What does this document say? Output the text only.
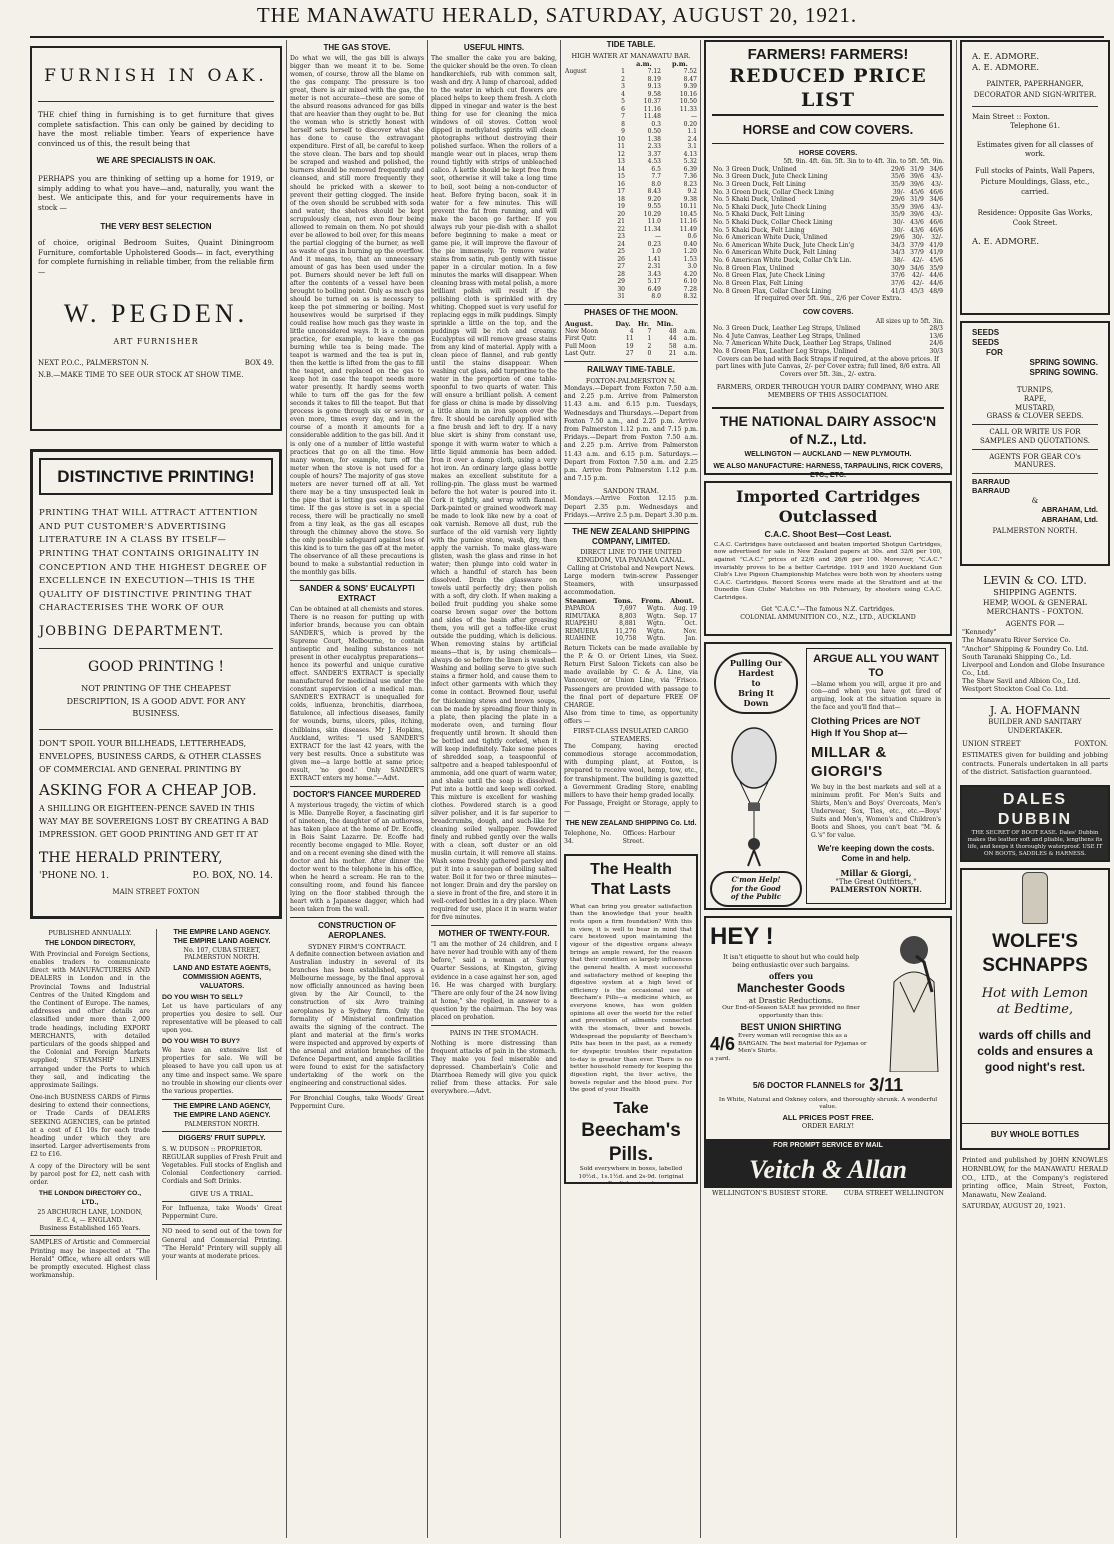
THE MANAWATU HERALD, SATURDAY, AUGUST 20, 1921.
FURNISH IN OAK.
THE chief thing in furnishing is to get furniture that gives complete satisfaction. This can only be gained by deciding to have the most reliable timber. Years of experience have convinced us of this, the result being that
WE ARE SPECIALISTS IN OAK.
PERHAPS you are thinking of setting up a home for 1919, or simply adding to what you have—and, naturally, you want the best. We anticipate this, and for your requirements have in stock —
THE VERY BEST SELECTION
of choice, original Bedroom Suites, Quaint Diningroom Furniture, comfortable Upholstered Goods— in fact, everything for complete furnishing in reliable timber, from the reliable firm —
W. PEGDEN.
ART FURNISHER
NEXT P.O.C., PALMERSTON N.	BOX 49.
N.B.—MAKE TIME TO SEE OUR STOCK AT SHOW TIME.
DISTINCTIVE PRINTING!
PRINTING THAT WILL ATTRACT ATTENTION AND PUT CUSTOMER'S ADVERTISING LITERATURE IN A CLASS BY ITSELF—PRINTING THAT CONTAINS ORIGINALITY IN CONCEPTION AND THE HIGHEST DEGREE OF EXCELLENCE IN EXECUTION—THIS IS THE QUALITY OF DISTINCTIVE PRINTING THAT CHARACTERISES THE WORK OF OUR
JOBBING DEPARTMENT.
GOOD PRINTING !
NOT PRINTING OF THE CHEAPEST DESCRIPTION, IS A GOOD ADVT. FOR ANY BUSINESS.
DON'T SPOIL YOUR BILLHEADS, LETTERHEADS, ENVELOPES, BUSINESS CARDS, & OTHER CLASSES OF COMMERCIAL AND GENERAL PRINTING BY
ASKING FOR A CHEAP JOB.
A SHILLING OR EIGHTEEN-PENCE SAVED IN THIS WAY MAY BE SOVEREIGNS LOST BY CREATING A BAD IMPRESSION. GET GOOD PRINTING AND GET IT AT
THE HERALD PRINTERY,
'PHONE NO. 1.	P.O. BOX, NO. 14.
MAIN STREET FOXTON
PUBLISHED ANNUALLY.
THE LONDON DIRECTORY,
With Provincial and Foreign Sections, enables traders to communicate direct with MANUFACTURERS AND DEALERS in London and in the Provincial Towns and Industrial Centres of the United Kingdom and the Continent of Europe. The names, addresses and other details are classified under more than 2,000 trade headings, including EXPORT MERCHANTS, with detailed particulars of the goods shipped and the Colonial and Foreign Markets supplied; STEAMSHIP LINES arranged under the Ports to which they sail, and indicating the approximate Sailings.
One-inch BUSINESS CARDS of Firms desiring to extend their connections, or Trade Cards of DEALERS SEEKING AGENCIES, can be printed at a cost of £1 10s for each trade heading under which they are inserted. Larger advertisements from £2 to £16.
A copy of the Directory will be sent by parcel post for £2, nett cash with order.
THE LONDON DIRECTORY CO., LTD.,
25 ABCHURCH LANE, LONDON, E.C. 4, — ENGLAND.
Business Established 165 Years.
SAMPLES of Artistic and Commercial Printing may be inspected at "The Herald" Office, where all orders will be promptly executed. Highest class workmanship.
THE EMPIRE LAND AGENCY.
THE EMPIRE LAND AGENCY.
No. 107, CUBA STREET, PALMERSTON NORTH.
LAND AND ESTATE AGENTS, COMMISSION AGENTS, VALUATORS.
DO YOU WISH TO SELL?
Let us have particulars of any properties you desire to sell. Our representative will be pleased to call upon you.
DO YOU WISH TO BUY?
We have an extensive list of properties for sale. We will be pleased to have you call upon us at any time and inspect same. We spare no trouble in showing our clients over the various properties.
THE EMPIRE LAND AGENCY,
THE EMPIRE LAND AGENCY.
PALMERSTON NORTH.
DIGGERS' FRUIT SUPPLY.
S. W. DUDSON :: PROPRIETOR.
REGULAR supplies of Fresh Fruit and Vegetables. Full stocks of English and Colonial Confectionery carried. Cordials and Soft Drinks.
GIVE US A TRIAL.
For Influenza, take Woods' Great Peppermint Cure.
NO need to send out of the town for General and Commercial Printing. "The Herald" Printery will supply all your wants at moderate prices.
THE GAS STOVE.
Do what we will, the gas bill is always bigger than we meant it to be. Some women, of course, throw all the blame on the gas company. The pressure is too great, there is air mixed with the gas, the meter is not accurate—these are some of the absurd reasons advanced for gas bills that are heavier than they ought to be. But the woman who is strictly honest with herself sets herself to discover what she has done to cause the extravagant expenditure. First of all, be careful to keep the stove clean. The bars and top should be scraped and washed and polished, the burners should be removed frequently and cleansed, and still more frequently they should be pricked with a skewer to prevent their getting clogged. The inside of the oven should be scrubbed with soda and water, the shelves should be kept scrupulously clean, not even flour being allowed to remain on them. No pot should ever be allowed to boil over, for this means the partial clogging of the burner, as well as waste of gas in burning up the overflow. And it means, too, that an unnecessary amount of gas has been used under the pot. Burners should never be left full on after the contents of a vessel have been brought to boiling point. Only as much gas should be turned on as is necessary to keep the pot simmering or boiling. Most housewives would be surprised if they could realise how much gas they waste in little unconsidered ways. It is a common practice, for example, to leave the gas burning while tea is being made. The teapot is warmed and the tea is put in, then the kettle is lifted from the gas to fill the teapot, and replaced on the gas to keep hot in case the teapot needs more water presently. It hardly seems worth while to turn off the gas for the few seconds it takes to fill the teapot. But that process is gone through six or seven, or even more, times every day, and in the course of a month it amounts for a considerable addition to the gas bill. And it is only one of a number of little wasteful practices that go on all the time. How many women, for example, turn off the meter when the stove is not used for a couple of hours? The majority of gas stove meters are never turned off at all. Yet there may be a tiny unsuspected leak in the pipe that is letting gas escape all the time. If the gas stove is set in a special recess, there will be practically no smell from a tiny leak, as the gas all escapes through the chimney above the stove. So the only possible safeguard against loss of this kind is to turn the gas off at the meter. The observance of all these precautions is bound to make a substantial reduction in the monthly gas bills.
SANDER & SONS' EUCALYPTI EXTRACT
Can be obtained at all chemists and stores. There is no reason for putting up with inferior brands, because you can obtain SANDER'S, which is proved by the Supreme Court, Melbourne, to contain antiseptic and healing substances not present in other eucalyptus preparations—hence its powerful and unique curative effect. SANDER'S EXTRACT is specially manufactured for medicinal use under the constant supervision of a medical man. SANDER'S EXTRACT is unequalled for colds, influenza, bronchitis, diarrhoea, flatulence, all infectious diseases, family for wounds, burns, ulcers, piles, itching, chilblains, skin diseases. Mr J. Hopkins, Auckland, writes: "I used SANDER'S EXTRACT for the last 42 years, with the very best results. Once a substitute was given me—a large bottle at same price; result, 'no good.' Only SANDER'S EXTRACT enters my home."—Advt.
DOCTOR'S FIANCEE MURDERED
A mysterious tragedy, the victim of which is Mlle. Danyelle Royer, a fascinating girl of nineteen, the daughter of an authoress, has taken place at the home of Dr. Ecoffe, in Bois Saint Lazarre. Dr. Ecoffe had recently become engaged to Mlle. Royer, and on a recent evening she dined with the doctor and his mother. After dinner the doctor went to the telephone in his office, when he heard a scream. He ran to the consulting room, and found his fiancee lying on the floor stabbed through the heart with a Japanese dagger, which had been taken from the wall.
CONSTRUCTION OF AEROPLANES.
SYDNEY FIRM'S CONTRACT.
A definite connection between aviation and Australian industry in several of its branches has been established, says a Melbourne message, by the final approval now officially announced as having been given by the Air Council, to the construction of six Avro training aeroplanes by a Sydney firm. Only the formality of Ministerial confirmation awaits the signing of the contract. The plant and material at the firm's works were inspected and approved by experts of the arsenal and aviation branches of the Defence Department, and ample facilities were found to exist for the satisfactory undertaking of the work on the engineering and constructional sides.
For Bronchial Coughs, take Woods' Great Peppermint Cure.
USEFUL HINTS.
The smaller the cake you are baking, the quicker should be the oven. To clean handkerchiefs, rub with common salt, wash and dry. A lump of charcoal, added to the water in which cut flowers are placed helps to keep them fresh. A cloth dipped in vinegar and water is the best thing for use for cleaning the mica windows of oil stoves. Cotton wool dipped in methylated spirits will clean photographs without destroying their polished surface. When the rollers of a mangle wear out in places, wrap them round tightly with strips of unbleached calico. A kettle should be kept free from soot, otherwise it will take a long time to boil, soot being a non-conductor of heat. Before frying bacon, soak it in water for a few minutes. This will prevent the fat from running, and will make the bacon go farther. If you always rub your pie-dish with a shallot before beginning to make a meat or game pie, it will improve the flavour of the pie immensely. To remove water stains from satin, rub gently with tissue paper in a circular motion. In a few minutes the marks will disappear. When cleaning brass with metal polish, a more brilliant polish will result if the polishing cloth is sprinkled with dry whiting. Chopped suet is very useful for replacing eggs in milk puddings. Simply sprinkle a little on the top, and the puddings will be rich and creamy. Eucalyptus oil will remove grease stains from any kind of material. Apply with a clean piece of flannel, and rub gently until the stains disappear. When washing cut glass, add turpentine to the water in the proportion of one table-spoonful to two quarts of water. This will ensure a brilliant polish. A cement for glass or china is made by dissolving a little alum in an iron spoon over the fire. It should be carefully applied with a fine brush and left to dry. If a navy blue skirt is shiny from constant use, sponge it with warm water to which a little liquid ammonia has been added. Iron it over a damp cloth, using a very hot iron. An ordinary large glass bottle makes an excellent substitute for a rolling-pin. The glass must be warmed before the hot water is poured into it. Cork it tightly, and wrap with flannel. Dark-painted or grained woodwork may be made to look like new by a coat of oak varnish. Remove all dust, rub the surface of the old varnish very lightly with the pumice stone, wash, dry, then apply the varnish. To make glass-ware glisten, wash the glass and rinse in hot water; then plunge into cold water in which a handful of starch has been dissolved. Drain the glassware on towels until perfectly dry; then polish with a soft, dry cloth. If when making a boiled fruit pudding you shake some coarse brown sugar over the bottom and sides of the basin after greasing them, you will get a toffee-like crust outside the pudding, which is delicious. When removing stains by artificial means—that is, by using chemicals—always do so before the linen is washed. Washing and boiling serve to give such stains a firmer hold, and cause them to infect other garments with which they come in contact. Browned flour, useful for thickening stews and brown soups, can be made by spreading flour thinly in a plate, then placing the plate in a moderate oven, and turning flour frequently until brown. It should then be bottled and tightly corked, when it will keep indefinitely. Take some pieces of shredded soap, a teaspoonful of saltpetre and a heaped tablespoonful of ammonia, add one quart of warm water, and shake until the soap is dissolved. Put into a bottle and keep well corked. This mixture is excellent for washing clothes. Powdered starch is a good silver polisher, and it is far superior to breadcrumbs, dough, and such-like for cleaning soiled wallpaper. Powdered finely and rubbed gently over the walls with a clean, soft duster or an old muslin curtain, it will remove all stains. Wash some freshly gathered parsley and put it into a saucepan of boiling salted water. Boil it for two or three minutes—not longer. Drain and dry the parsley on a sieve in front of the fire, and store it in well-corked bottles in a dry place. When required for use, place it in warm water for five minutes.
MOTHER OF TWENTY-FOUR.
"I am the mother of 24 children, and I have never had trouble with any of them before," said a woman at Surrey Quarter Sessions, at Kingston, giving evidence in a case against her son, aged 16. He was charged with burglary. "There are only four of the 24 now living at home," she replied, in answer to a question by the chairman. The boy was placed on probation.
PAINS IN THE STOMACH.
Nothing is more distressing than frequent attacks of pain in the stomach. They make you feel miserable and depressed. Chamberlain's Colic and Diarrhoea Remedy will give you quick relief from these attacks. For sale everywhere.—Advt.
TIDE TABLE.
HIGH WATER AT MANAWATU BAR.
		a.m.	p.m.
August	1	7.12	7.52
	2	8.19	8.47
	3	9.13	9.39
	4	9.58	10.16
	5	10.37	10.50
	6	11.16	11.33
	7	11.48	—
	8	0.3	0.20
	9	0.50	1.1
	10	1.38	2.4
	11	2.33	3.1
	12	3.37	4.13
	13	4.53	5.32
	14	6.5	6.39
	15	7.7	7.36
	16	8.0	8.23
	17	8.43	9.2
	18	9.20	9.38
	19	9.55	10.11
	20	10.29	10.45
	21	11.0	11.16
	22	11.34	11.49
	23	—	0.6
	24	0.23	0.40
	25	1.0	1.20
	26	1.41	1.53
	27	2.31	3.0
	28	3.43	4.20
	29	5.17	6.10
	30	6.49	7.28
	31	8.0	8.32
PHASES OF THE MOON.
August.	Day.	Hr.	Min.	
New Moon	4	7	48	a.m.
First Qutr.	11	1	44	a.m.
Full Moon	19	2	58	a.m.
Last Qutr.	27	0	21	a.m.
RAILWAY TIME-TABLE.
FOXTON-PALMERSTON N.
Mondays.—Depart from Foxton 7.50 a.m. and 2.25 p.m. Arrive from Palmerston 11.43 a.m. and 6.15 p.m. Tuesdays, Wednesdays and Thursdays.—Depart from Foxton 7.50 a.m., and 2.25 p.m. Arrive from Palmerston 1.12 p.m. and 7.15 p.m. Fridays.—Depart from Foxton 7.50 a.m. and 2.25 p.m. Arrive from Palmerston 11.43 a.m. and 6.15 p.m. Saturdays.—Depart from Foxton 7.50 a.m. and 2.25 p.m. Arrive from Palmerston 1.12 p.m. and 7.15 p.m.
SANDON TRAM.
Mondays.—Arrive Foxton 12.15 p.m. Depart 2.35 p.m. Wednesdays and Fridays.—Arrive 2.5 p.m. Depart 3.30 p.m.
THE NEW ZEALAND SHIPPING COMPANY, LIMITED.
DIRECT LINE TO THE UNITED KINGDOM, VIA PANAMA CANAL.
Calling at Cristobal and Newport News.
Large modern twin-screw Passenger Steamers, with unsurpassed accommodation.
Steamer.	Tons.	From.	About.
PAPAROA	7,697	Wgtn.	Aug. 19
RIMUTAKA	8,803	Wgtn.	Sep. 17
RUAPEHU	8,881	Wgtn.	Oct.
REMUERA	11,276	Wgtn.	Nov.
RUAHINE	10,758	Wgtn.	Jan.
Return Tickets can be made available by the P. & O. or Orient Lines, via Suez. Return First Saloon Tickets can also be made available by C. & A. Line, via Vancouver, or Union Line, via 'Frisco. Passengers are provided with passage to the final port of departure FREE OF CHARGE.
Also from time to time, as opportunity offers —
FIRST-CLASS INSULATED CARGO STEAMERS.
The Company, having erected commodious storage accommodation, with dumping plant, at Foxton, is prepared to receive wool, hemp, tow, etc., for transhipment. The building is gazetted a Government Grading Store, enabling millers to have their hemp graded locally.
For Passage, Freight or Storage, apply to —
THE NEW ZEALAND SHIPPING Co. Ltd.
Telephone, No. 34.
Offices: Harbour Street.
The Health
That Lasts
What can bring you greater satisfaction than the knowledge that your health rests upon a firm foundation? With this in view, it is well to bear in mind that care bestowed upon maintaining the vigour of the digestive organs always brings an ample reward, for the reason that their condition so largely influences the general health. A most successful and satisfactory method of keeping the digestive system at a high level of efficiency is the occasional use of Beecham's Pills—a medicine which, as everyone knows, has won golden opinions all over the world for the relief and prevention of ailments connected with the stomach, liver and bowels. Widespread the popularity of Beecham's Pills has been in the past, as a remedy for dyspeptic troubles their reputation to-day is greater than ever. There is no better household remedy for keeping the digestion right, the liver active, the bowels regular and the blood pure. For the good of your Health
Take
Beecham's
Pills.
Sold everywhere in boxes, labelled 10½d., 1s.1½d. and 2s-9d. (original English prices.)
FARMERS! FARMERS!
REDUCED PRICE LIST
HORSE and COW COVERS.
HORSE COVERS.
5ft. 9in. 4ft. 6in. 5ft. 3in to to 4ft. 3in. to 5ft. 5ft. 9in.
No. 3 Green Duck, Unlined	29/6	31/9	34/6
No. 3 Green Duck, Jute Check Lining	35/6	39/6	43/-
No. 3 Green Duck, Felt Lining	35/9	39/6	43/-
No. 3 Green Duck, Collar Check Lining	39/-	45/6	46/6
No. 5 Khaki Duck, Unlined	29/6	31/9	34/6
No. 5 Khaki Duck, Jute Check Lining	35/9	39/6	43/-
No. 5 Khaki Duck, Felt Lining	35/9	39/6	43/-
No. 5 Khaki Duck, Collar Check Lining	30/-	43/6	46/6
No. 5 Khaki Duck, Felt Lining	30/-	43/6	46/6
No. 6 American White Duck, Unlined	29/6	30/-	32/-
No. 6 American White Duck, Jute Check Lin'g	34/3	37/9	41/9
No. 6 American White Duck, Felt Lining	34/3	37/9	41/9
No. 6 American White Duck, Collar Ch'k Lin.	38/-	42/-	45/6
No. 8 Green Flax, Unlined	30/9	34/6	35/9
No. 8 Green Flax, Jute Check Lining	37/6	42/-	44/6
No. 8 Green Flax, Felt Lining	37/6	42/-	44/6
No. 8 Green Flax, Collar Check Lining	41/3	45/3	48/9
If required over 5ft. 9in., 2/6 per Cover Extra.
COW COVERS.
All sizes up to 5ft. 3in.
No. 3 Green Duck, Leather Leg Straps, Unlined	28/3
No. 4 Jute Canvas, Leather Leg Straps, Unlined	13/6
No. 7 American White Duck, Leather Leg Straps, Unlined	24/6
No. 8 Green Flax, Leather Leg Straps, Unlined	30/3
Covers can be had with Back Straps if required, at the above prices. If part lines with Jute Canvas, 2/- per Cover extra; full lined, 8/6 extra. All Covers over 5ft. 3in., 2/- extra.
FARMERS, ORDER THROUGH YOUR DAIRY COMPANY, WHO ARE MEMBERS OF THIS ASSOCIATION.
THE NATIONAL DAIRY ASSOC'N
of N.Z., Ltd.
WELLINGTON — AUCKLAND — NEW PLYMOUTH.
WE ALSO MANUFACTURE: HARNESS, TARPAULINS, RICK COVERS, ETC., ETC.
Imported Cartridges
Outclassed
C.A.C. Shoot Best—Cost Least.
C.A.C. Cartridges have outclassed and beaten imported Shotgun Cartridges, now advertised for sale in New Zealand papers at 30s. and 32/6 per 100, against "C.A.C." prices of 22/6 and 26/6 per 100. Moreover, "C.A.C." invariably proves to be a better Cartridge. 1919 and 1920 Auckland Gun Club's Live Pigeon Championship Matches were both won by shooters using C.A.C. Cartridges. Record Scores were made at the Stratford and at the Dunedin Gun Clubs' Matches on 9th February, by shooters using C.A.C. Cartridges.
Get "C.A.C."—The famous N.Z. Cartridges.
COLONIAL AMMUNITION CO., N.Z., LTD., AUCKLAND
Pulling Our
Hardest
to
Bring It
Down
C'mon Help!
for the Good
of the Public
ARGUE ALL YOU WANT TO
—blame whom you will, argue it pro and con—and when you have got tired of arguing, look at the situation square in the face and you'll find that—
Clothing Prices are NOT High If You Shop at—
MILLAR & GIORGI'S
We buy in the best markets and sell at a minimum profit. For Men's Suits and Shirts, Men's and Boys' Overcoats, Men's Underwear, Sox, Ties, etc., etc.—Boys' Suits and Men's, Women's and Children's Boots and Shoes, you can't beat "M. & G.'s" for value.
We're keeping down the costs. Come in and help.
Millar & Giorgi,
"The Great Outfitters,"
PALMERSTON NORTH.
HEY !
It isn't etiquette to shout but who could help being enthusiastic over such bargains.
offers you
Manchester Goods
at Drastic Reductions.
Our End-of-Season SALE has provided no finer opportunity than this:
BEST UNION SHIRTING
4/6 Every woman will recognise this as a BARGAIN. The best material for Pyjamas or Men's Shirts.
a yard.
5/6 DOCTOR FLANNELS for 3/11
In White, Natural and Oxkney colors, and thoroughly shrunk. A wonderful value.
ALL PRICES POST FREE.
ORDER EARLY!
FOR PROMPT SERVICE BY MAIL
Veitch & Allan
WELLINGTON'S BUSIEST STORE. CUBA STREET WELLINGTON
A. E. ADMORE.
A. E. ADMORE.
PAINTER, PAPERHANGER, DECORATOR AND SIGN-WRITER.
Main Street :: Foxton.
Telephone 61.
Estimates given for all classes of work.
Full stocks of Paints, Wall Papers, Picture Mouldings, Glass, etc., carried.
Residence: Opposite Gas Works, Cook Street.
A. E. ADMORE.
SEEDS
SEEDS
FOR
SPRING SOWING.
SPRING SOWING.
TURNIPS,
RAPE,
MUSTARD,
GRASS & CLOVER SEEDS.
CALL OR WRITE US FOR SAMPLES AND QUOTATIONS.
AGENTS FOR GEAR CO's MANURES.
BARRAUD
BARRAUD
&
ABRAHAM, Ltd.
ABRAHAM, Ltd.
PALMERSTON NORTH.
LEVIN & CO. LTD.
SHIPPING AGENTS.
HEMP, WOOL & GENERAL MERCHANTS - FOXTON.
AGENTS FOR —
"Kennedy"
The Manawatu River Service Co.
"Anchor" Shipping & Foundry Co. Ltd.
South Taranaki Shipping Co., Ld.
Liverpool and London and Globe Insurance Co., Ltd.
The Shaw Savil and Albion Co., Ltd.
Westport Stockton Coal Co. Ltd.
J. A. HOFMANN
BUILDER AND SANITARY UNDERTAKER.
UNION STREET	FOXTON.
ESTIMATES given for building and jobbing contracts. Funerals undertaken in all parts of the district. Satisfaction guaranteed.
DALES DUBBIN
THE SECRET OF BOOT EASE. Dales' Dubbin makes the leather soft and pliable, lengthens its life, and keeps it thoroughly waterproof. USE IT ON BOOTS, SADDLES & HARNESS.
WOLFE'S
SCHNAPPS
Hot with Lemon
at Bedtime,
wards off chills and colds and ensures a good night's rest.
BUY WHOLE BOTTLES
Printed and published by JOHN KNOWLES HORNBLOW, for the MANAWATU HERALD CO., LTD., at the Company's registered printing office, Main Street, Foxton, Manawatu, New Zealand.
SATURDAY, AUGUST 20, 1921.
